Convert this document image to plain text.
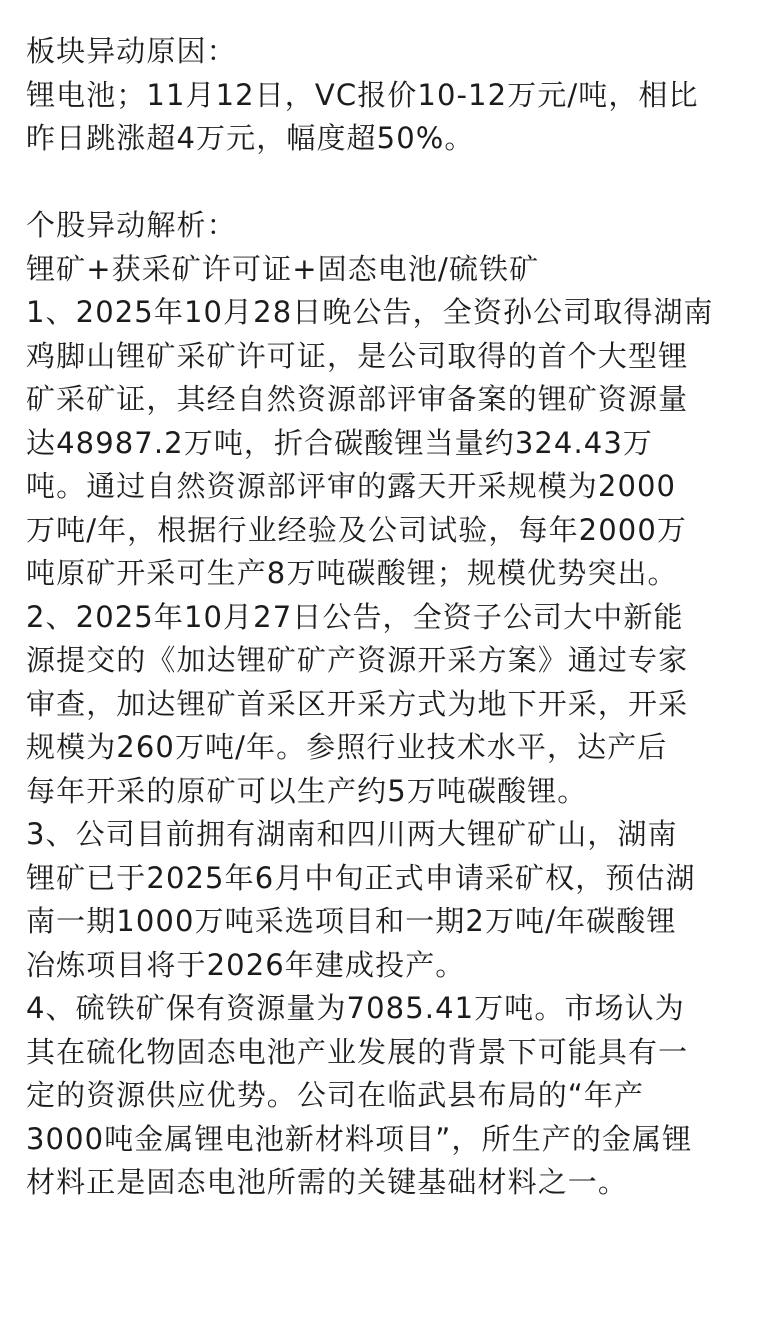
板块异动原因：
锂电池；11月12日，VC报价10-12万元/吨，相比
昨日跳涨超4万元，幅度超50%。
个股异动解析：
锂矿+获采矿许可证+固态电池/硫铁矿
1、2025年10月28日晚公告，全资孙公司取得湖南
鸡脚山锂矿采矿许可证，是公司取得的首个大型锂
矿采矿证，其经自然资源部评审备案的锂矿资源量
达48987.2万吨，折合碳酸锂当量约324.43万
吨。通过自然资源部评审的露天开采规模为2000
万吨/年，根据行业经验及公司试验，每年2000万
吨原矿开采可生产8万吨碳酸锂；规模优势突出。
2、2025年10月27日公告，全资子公司大中新能
源提交的《加达锂矿矿产资源开采方案》通过专家
审查，加达锂矿首采区开采方式为地下开采，开采
规模为260万吨/年。参照行业技术水平，达产后
每年开采的原矿可以生产约5万吨碳酸锂。
3、公司目前拥有湖南和四川两大锂矿矿山，湖南
锂矿已于2025年6月中旬正式申请采矿权，预估湖
南一期1000万吨采选项目和一期2万吨/年碳酸锂
冶炼项目将于2026年建成投产。
4、硫铁矿保有资源量为7085.41万吨。市场认为
其在硫化物固态电池产业发展的背景下可能具有一
定的资源供应优势。公司在临武县布局的“年产
3000吨金属锂电池新材料项目”，所生产的金属锂
材料正是固态电池所需的关键基础材料之一。
